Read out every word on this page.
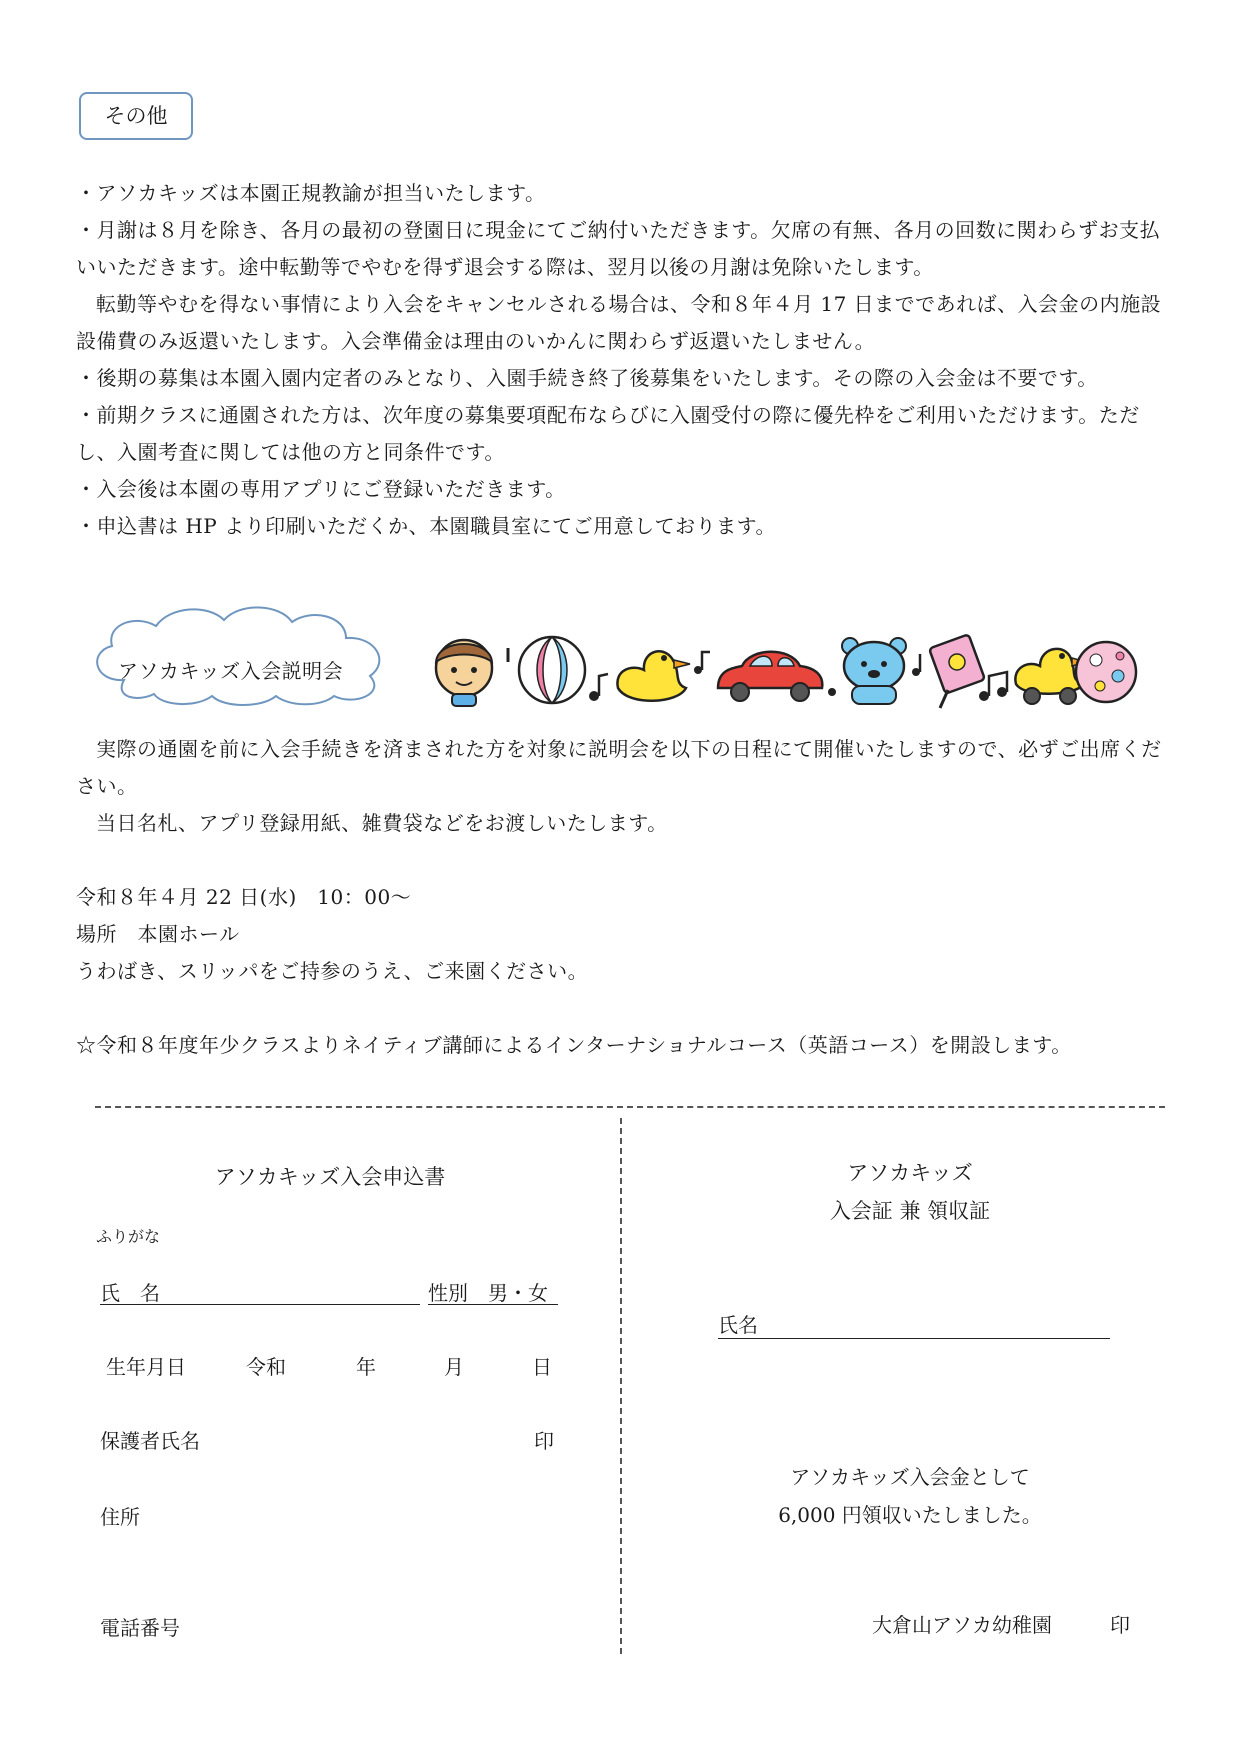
その他

・アソカキッズは本園正規教諭が担当いたします。

・月謝は８月を除き、各月の最初の登園日に現金にてご納付いただきます。欠席の有無、各月の回数に関わらずお支払いいただきます。途中転勤等でやむを得ず退会する際は、翌月以後の月謝は免除いたします。

転勤等やむを得ない事情により入会をキャンセルされる場合は、令和８年４月 17 日までであれば、入会金の内施設設備費のみ返還いたします。入会準備金は理由のいかんに関わらず返還いたしません。

・後期の募集は本園入園内定者のみとなり、入園手続き終了後募集をいたします。その際の入会金は不要です。

・前期クラスに通園された方は、次年度の募集要項配布ならびに入園受付の際に優先枠をご利用いただけます。ただし、入園考査に関しては他の方と同条件です。

・入会後は本園の専用アプリにご登録いただきます。

・申込書は HP より印刷いただくか、本園職員室にてご用意しております。

アソカキッズ入会説明会

実際の通園を前に入会手続きを済まされた方を対象に説明会を以下の日程にて開催いたしますので、必ずご出席ください。

当日名札、アプリ登録用紙、雑費袋などをお渡しいたします。

令和８年４月 22 日(水)　10：00～

場所　本園ホール

うわばき、スリッパをご持参のうえ、ご来園ください。

☆令和８年度年少クラスよりネイティブ講師によるインターナショナルコース（英語コース）を開設します。

アソカキッズ入会申込書
ふりがな
氏　名	性別　男・女
生年月日	令和	年	月	日
保護者氏名	印
住所
電話番号
アソカキッズ
入会証 兼 領収証
氏名
アソカキッズ入会金として
6,000 円領収いたしました。
大倉山アソカ幼稚園	印
